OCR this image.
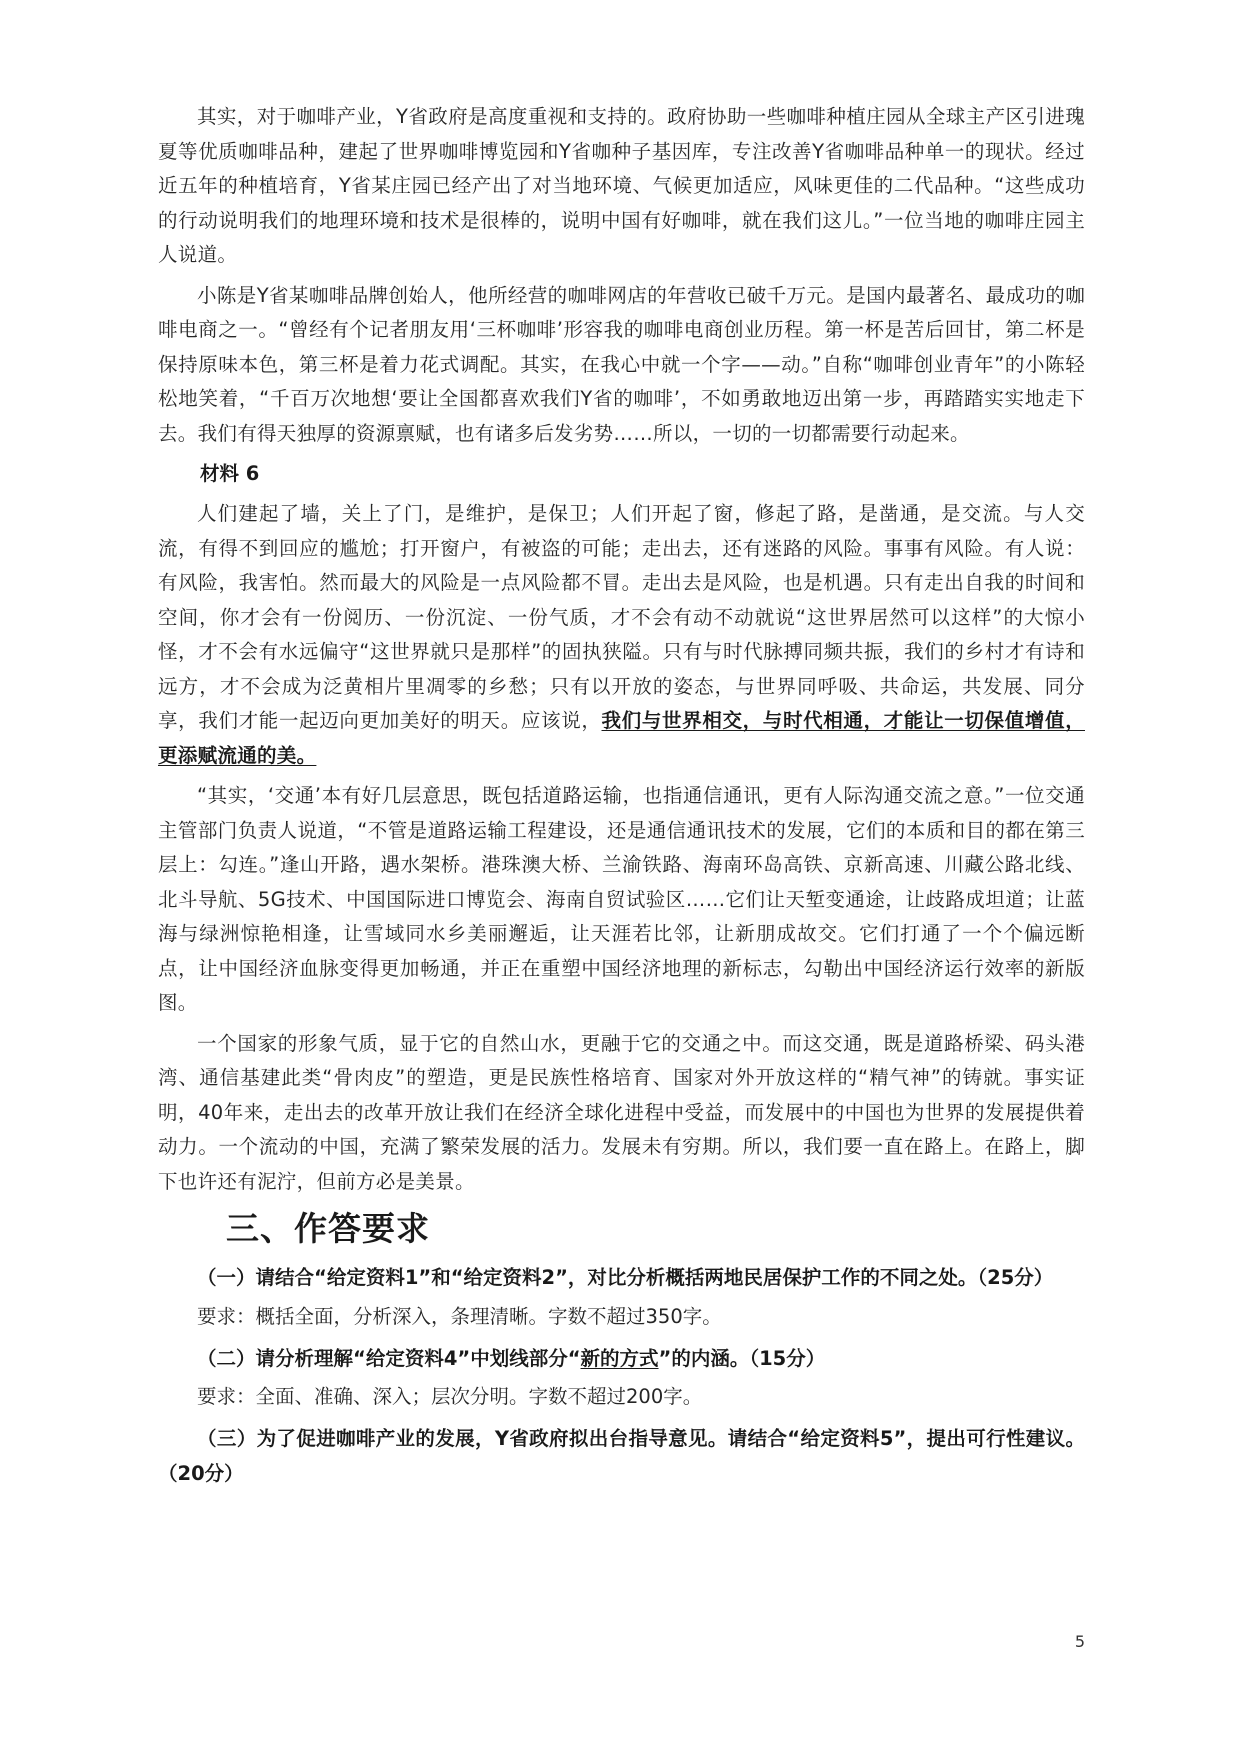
其实，对于咖啡产业，Y省政府是高度重视和支持的。政府协助一些咖啡种植庄园从全球主产区引进瑰夏等优质咖啡品种，建起了世界咖啡博览园和Y省咖种子基因库，专注改善Y省咖啡品种单一的现状。经过近五年的种植培育，Y省某庄园已经产出了对当地环境、气候更加适应，风味更佳的二代品种。“这些成功的行动说明我们的地理环境和技术是很棒的，说明中国有好咖啡，就在我们这儿。”一位当地的咖啡庄园主人说道。

小陈是Y省某咖啡品牌创始人，他所经营的咖啡网店的年营收已破千万元。是国内最著名、最成功的咖啡电商之一。“曾经有个记者朋友用‘三杯咖啡’形容我的咖啡电商创业历程。第一杯是苦后回甘，第二杯是保持原味本色，第三杯是着力花式调配。其实，在我心中就一个字——动。”自称“咖啡创业青年”的小陈轻松地笑着，“千百万次地想‘要让全国都喜欢我们Y省的咖啡’，不如勇敢地迈出第一步，再踏踏实实地走下去。我们有得天独厚的资源禀赋，也有诸多后发劣势……所以，一切的一切都需要行动起来。

材料 6

人们建起了墙，关上了门，是维护，是保卫；人们开起了窗，修起了路，是凿通，是交流。与人交流，有得不到回应的尴尬；打开窗户，有被盗的可能；走出去，还有迷路的风险。事事有风险。有人说：有风险，我害怕。然而最大的风险是一点风险都不冒。走出去是风险，也是机遇。只有走出自我的时间和空间，你才会有一份阅历、一份沉淀、一份气质，才不会有动不动就说“这世界居然可以这样”的大惊小怪，才不会有水远偏守“这世界就只是那样”的固执狭隘。只有与时代脉搏同频共振，我们的乡村才有诗和远方，才不会成为泛黄相片里凋零的乡愁；只有以开放的姿态，与世界同呼吸、共命运，共发展、同分享，我们才能一起迈向更加美好的明天。应该说，我们与世界相交，与时代相通，才能让一切保值增值，更添赋流通的美。

“其实，‘交通’本有好几层意思，既包括道路运输，也指通信通讯，更有人际沟通交流之意。”一位交通主管部门负责人说道，“不管是道路运输工程建设，还是通信通讯技术的发展，它们的本质和目的都在第三层上：勾连。”逢山开路，遇水架桥。港珠澳大桥、兰渝铁路、海南环岛高铁、京新高速、川藏公路北线、北斗导航、5G技术、中国国际进口博览会、海南自贸试验区……它们让天堑变通途，让歧路成坦道；让蓝海与绿洲惊艳相逢，让雪域同水乡美丽邂逅，让天涯若比邻，让新朋成故交。它们打通了一个个偏远断点，让中国经济血脉变得更加畅通，并正在重塑中国经济地理的新标志，勾勒出中国经济运行效率的新版图。

一个国家的形象气质，显于它的自然山水，更融于它的交通之中。而这交通，既是道路桥梁、码头港湾、通信基建此类“骨肉皮”的塑造，更是民族性格培育、国家对外开放这样的“精气神”的铸就。事实证明，40年来，走出去的改革开放让我们在经济全球化进程中受益，而发展中的中国也为世界的发展提供着动力。一个流动的中国，充满了繁荣发展的活力。发展未有穷期。所以，我们要一直在路上。在路上，脚下也许还有泥泞，但前方必是美景。

三、作答要求

（一）请结合“给定资料1”和“给定资料2”，对比分析概括两地民居保护工作的不同之处。（25分）

要求：概括全面，分析深入，条理清晰。字数不超过350字。

（二）请分析理解“给定资料4”中划线部分“新的方式”的内涵。（15分）

要求：全面、准确、深入；层次分明。字数不超过200字。

（三）为了促进咖啡产业的发展，Y省政府拟出台指导意见。请结合“给定资料5”，提出可行性建议。（20分）

5
